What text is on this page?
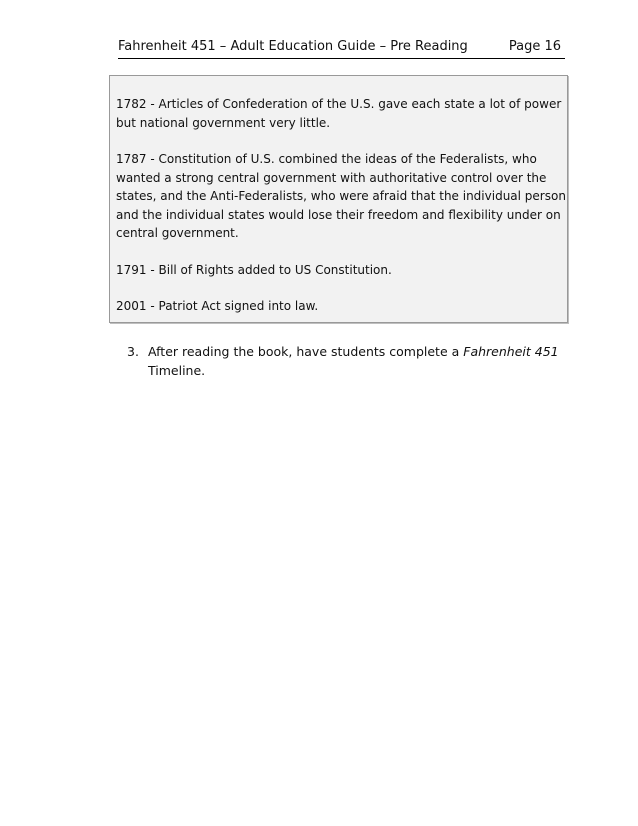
Fahrenheit 451 – Adult Education Guide – Pre Reading	Page 16
1782 - Articles of Confederation of the U.S. gave each state a lot of power
but national government very little.
1787 - Constitution of U.S. combined the ideas of the Federalists, who
wanted a strong central government with authoritative control over the
states, and the Anti-Federalists, who were afraid that the individual person
and the individual states would lose their freedom and flexibility under on
central government.
1791 - Bill of Rights added to US Constitution.
2001 - Patriot Act signed into law.
3. After reading the book, have students complete a Fahrenheit 451
Timeline.
